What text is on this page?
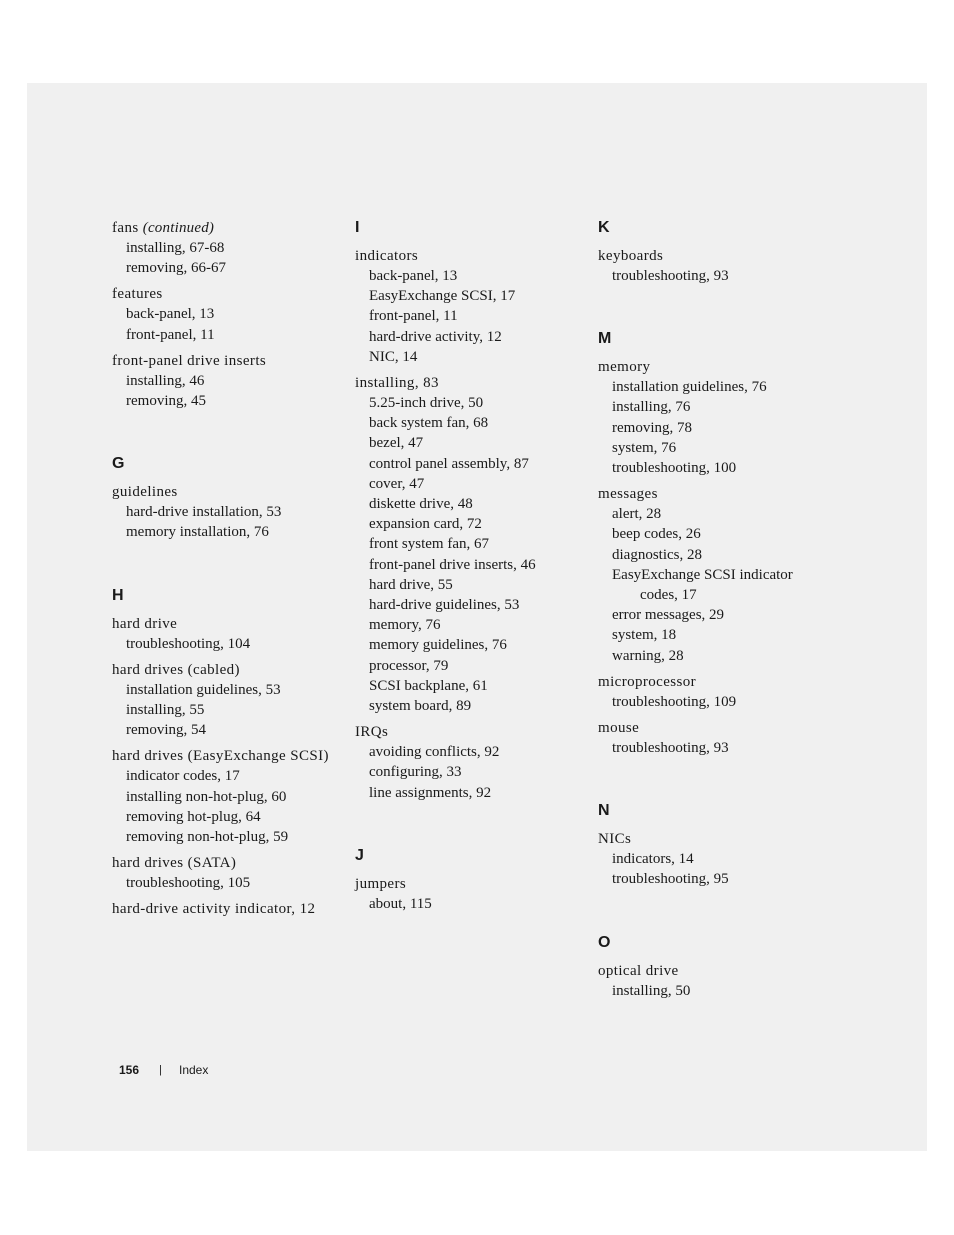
fans (continued)
installing, 67-68
removing, 66-67
features
back-panel, 13
front-panel, 11
front-panel drive inserts
installing, 46
removing, 45
G
guidelines
hard-drive installation, 53
memory installation, 76
H
hard drive
troubleshooting, 104
hard drives (cabled)
installation guidelines, 53
installing, 55
removing, 54
hard drives (EasyExchange SCSI)
indicator codes, 17
installing non-hot-plug, 60
removing hot-plug, 64
removing non-hot-plug, 59
hard drives (SATA)
troubleshooting, 105
hard-drive activity indicator, 12
I
indicators
back-panel, 13
EasyExchange SCSI, 17
front-panel, 11
hard-drive activity, 12
NIC, 14
installing, 83
5.25-inch drive, 50
back system fan, 68
bezel, 47
control panel assembly, 87
cover, 47
diskette drive, 48
expansion card, 72
front system fan, 67
front-panel drive inserts, 46
hard drive, 55
hard-drive guidelines, 53
memory, 76
memory guidelines, 76
processor, 79
SCSI backplane, 61
system board, 89
IRQs
avoiding conflicts, 92
configuring, 33
line assignments, 92
J
jumpers
about, 115
K
keyboards
troubleshooting, 93
M
memory
installation guidelines, 76
installing, 76
removing, 78
system, 76
troubleshooting, 100
messages
alert, 28
beep codes, 26
diagnostics, 28
EasyExchange SCSI indicator codes, 17
error messages, 29
system, 18
warning, 28
microprocessor
troubleshooting, 109
mouse
troubleshooting, 93
N
NICs
indicators, 14
troubleshooting, 95
O
optical drive
installing, 50
156 | Index
